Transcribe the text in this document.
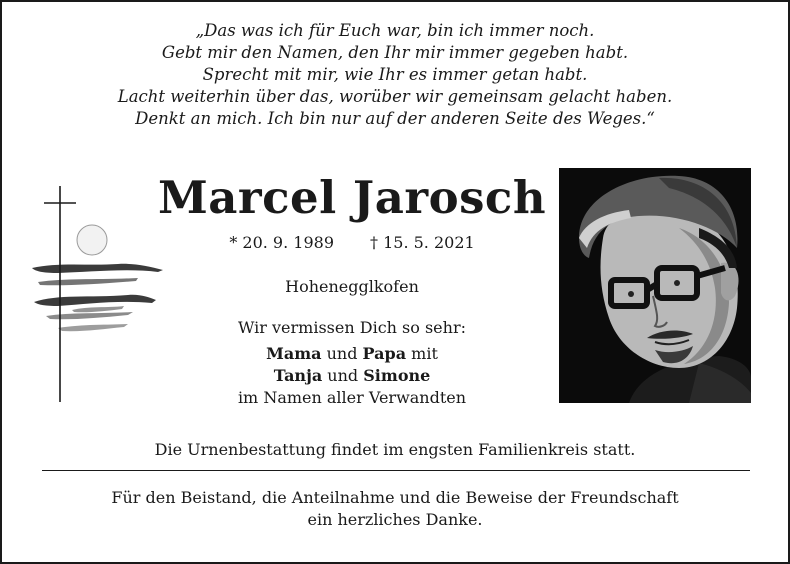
„Das was ich für Euch war, bin ich immer noch.
Gebt mir den Namen, den Ihr mir immer gegeben habt.
Sprecht mit mir, wie Ihr es immer getan habt.
Lacht weiterhin über das, worüber wir gemeinsam gelacht haben.
Denkt an mich. Ich bin nur auf der anderen Seite des Weges.“
Marcel Jarosch
* 20. 9. 1989 † 15. 5. 2021
Hohenegglkofen
Wir vermissen Dich so sehr:
Mama und Papa mit
Tanja und Simone
im Namen aller Verwandten
Die Urnenbestattung findet im engsten Familienkreis statt.
Für den Beistand, die Anteilnahme und die Beweise der Freundschaft
ein herzliches Danke.
